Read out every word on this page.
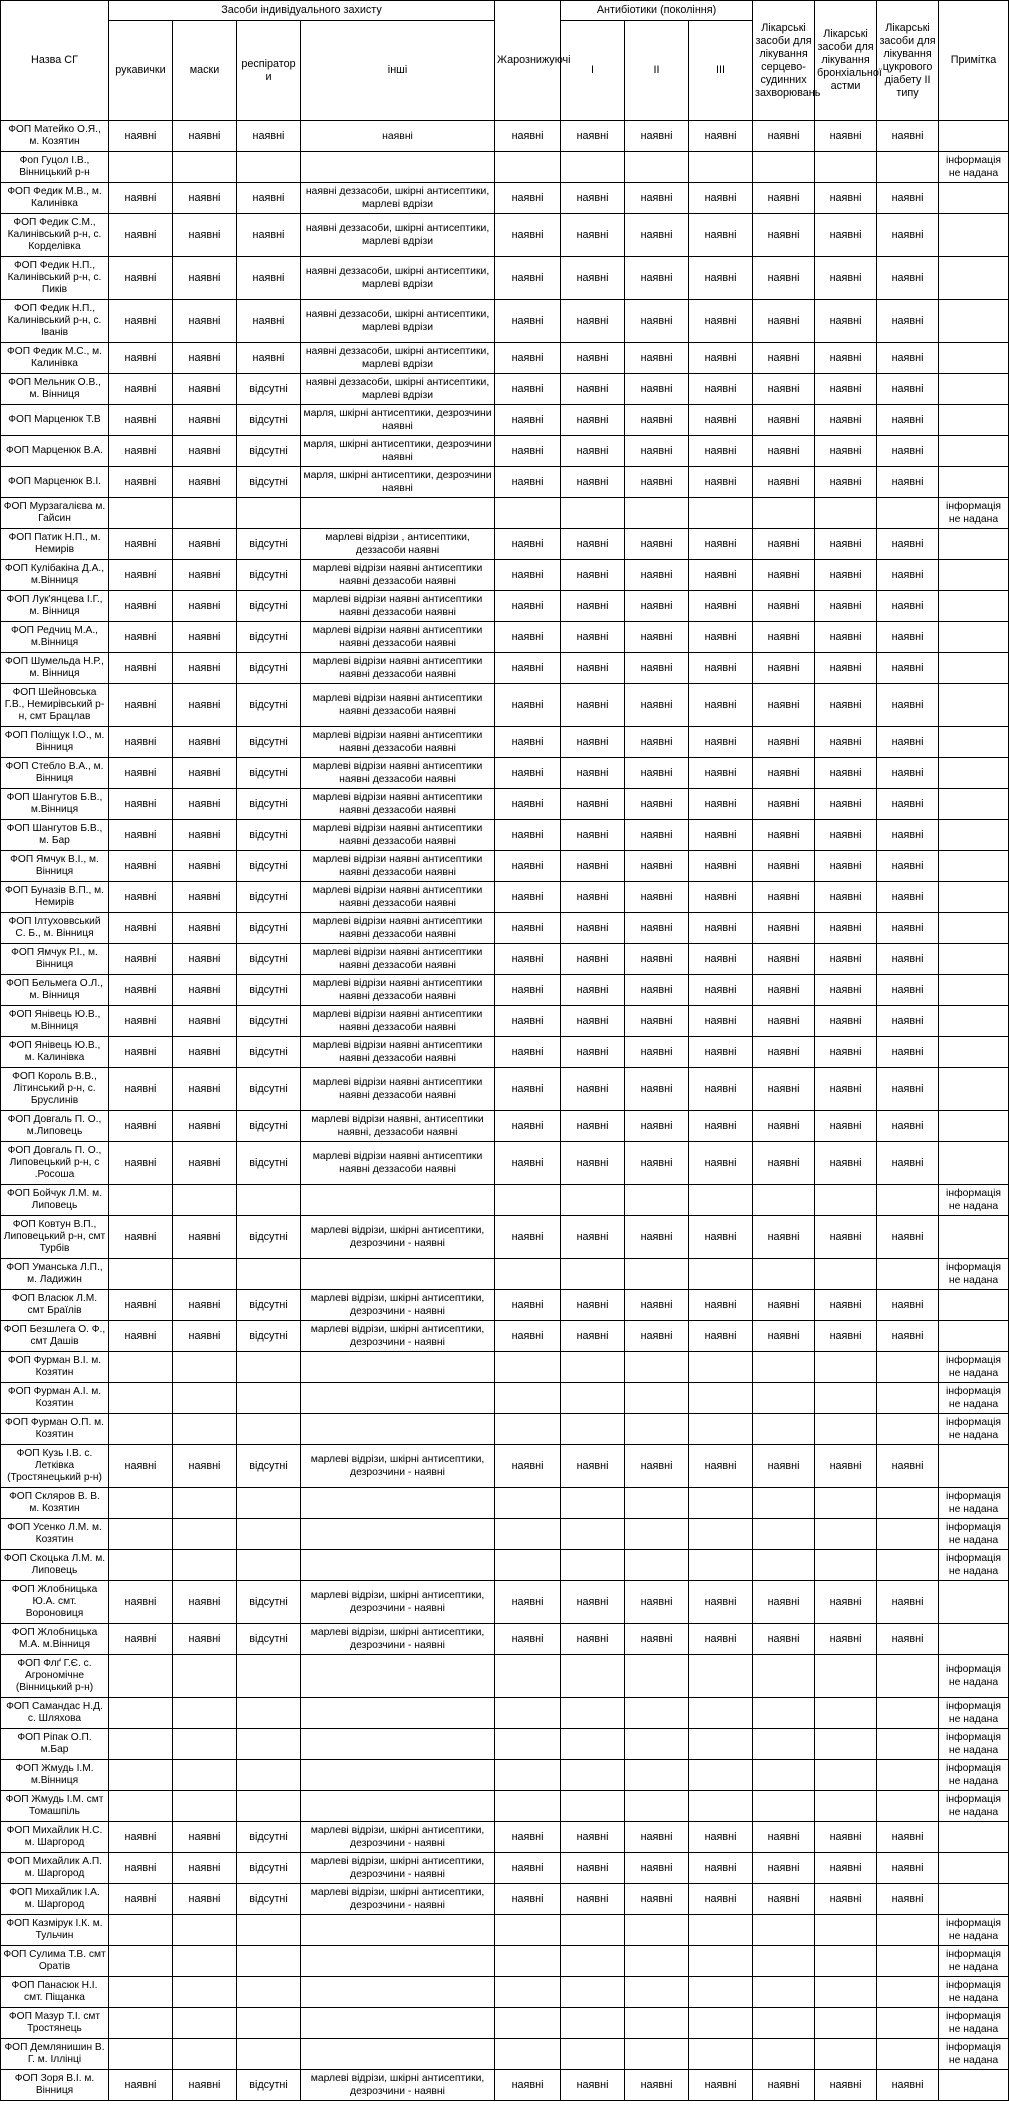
Назва СГ	Засоби індивідуального захисту				Жарознижуючі	Антибіотики (покоління)			Лікарські засоби для лікування серцево-судинних захворювань	Лікарські засоби для лікування бронхіальної астми	Лікарські засоби для лікування цукрового діабету ІІ типу	Примітка
	рукавички	маски	респіратор и	інші		І	ІІ	ІІІ				
ФОП Матейко О.Я., м. Козятин	наявні	наявні	наявні	наявні	наявні	наявні	наявні	наявні	наявні	наявні	наявні	
Фоп Гуцол І.В., Вінницький р-н												інформація не надана
ФОП Федик М.В., м. Калинівка	наявні	наявні	наявні	наявні деззасоби, шкірні антисептики, марлеві вдрізи	наявні	наявні	наявні	наявні	наявні	наявні	наявні	
ФОП Федик С.М., Калинівський р-н, с. Корделівка	наявні	наявні	наявні	наявні деззасоби, шкірні антисептики, марлеві вдрізи	наявні	наявні	наявні	наявні	наявні	наявні	наявні	
ФОП Федик Н.П., Калинівський р-н, с. Пиків	наявні	наявні	наявні	наявні деззасоби, шкірні антисептики, марлеві вдрізи	наявні	наявні	наявні	наявні	наявні	наявні	наявні	
ФОП Федик Н.П., Калинівський р-н, с. Іванів	наявні	наявні	наявні	наявні деззасоби, шкірні антисептики, марлеві вдрізи	наявні	наявні	наявні	наявні	наявні	наявні	наявні	
ФОП Федик М.С., м. Калинівка	наявні	наявні	наявні	наявні деззасоби, шкірні антисептики, марлеві вдрізи	наявні	наявні	наявні	наявні	наявні	наявні	наявні	
ФОП Мельник О.В., м. Вінниця	наявні	наявні	відсутні	наявні деззасоби, шкірні антисептики, марлеві вдрізи	наявні	наявні	наявні	наявні	наявні	наявні	наявні	
ФОП Марценюк Т.В	наявні	наявні	відсутні	марля, шкірні антисептики, дезрозчини наявні	наявні	наявні	наявні	наявні	наявні	наявні	наявні	
ФОП Марценюк В.А.	наявні	наявні	відсутні	марля, шкірні антисептики, дезрозчини наявні	наявні	наявні	наявні	наявні	наявні	наявні	наявні	
ФОП Марценюк В.І.	наявні	наявні	відсутні	марля, шкірні антисептики, дезрозчини наявні	наявні	наявні	наявні	наявні	наявні	наявні	наявні	
ФОП Мурзагалієва м. Гайсин												інформація не надана
ФОП Патик Н.П., м. Немирів	наявні	наявні	відсутні	марлеві відрізи , антисептики, деззасоби наявні	наявні	наявні	наявні	наявні	наявні	наявні	наявні	
ФОП Кулібакіна Д.А., м.Вінниця	наявні	наявні	відсутні	марлеві відрізи наявні антисептики наявні деззасоби наявні	наявні	наявні	наявні	наявні	наявні	наявні	наявні	
ФОП Лук'янцева І.Г., м. Вінниця	наявні	наявні	відсутні	марлеві відрізи наявні антисептики наявні деззасоби наявні	наявні	наявні	наявні	наявні	наявні	наявні	наявні	
ФОП Редчиц М.А., м.Вінниця	наявні	наявні	відсутні	марлеві відрізи наявні антисептики наявні деззасоби наявні	наявні	наявні	наявні	наявні	наявні	наявні	наявні	
ФОП Шумельда Н.Р., м. Вінниця	наявні	наявні	відсутні	марлеві відрізи наявні антисептики наявні деззасоби наявні	наявні	наявні	наявні	наявні	наявні	наявні	наявні	
ФОП Шейновська Г.В., Немирівський р-н, смт Брацлав	наявні	наявні	відсутні	марлеві відрізи наявні антисептики наявні деззасоби наявні	наявні	наявні	наявні	наявні	наявні	наявні	наявні	
ФОП Поліщук І.О., м. Вінниця	наявні	наявні	відсутні	марлеві відрізи наявні антисептики наявні деззасоби наявні	наявні	наявні	наявні	наявні	наявні	наявні	наявні	
ФОП Стебло В.А., м. Вінниця	наявні	наявні	відсутні	марлеві відрізи наявні антисептики наявні деззасоби наявні	наявні	наявні	наявні	наявні	наявні	наявні	наявні	
ФОП Шангутов Б.В., м.Вінниця	наявні	наявні	відсутні	марлеві відрізи наявні антисептики наявні деззасоби наявні	наявні	наявні	наявні	наявні	наявні	наявні	наявні	
ФОП Шангутов Б.В., м. Бар	наявні	наявні	відсутні	марлеві відрізи наявні антисептики наявні деззасоби наявні	наявні	наявні	наявні	наявні	наявні	наявні	наявні	
ФОП Ямчук В.І., м. Вінниця	наявні	наявні	відсутні	марлеві відрізи наявні антисептики наявні деззасоби наявні	наявні	наявні	наявні	наявні	наявні	наявні	наявні	
ФОП Буназів В.П., м. Немирів	наявні	наявні	відсутні	марлеві відрізи наявні антисептики наявні деззасоби наявні	наявні	наявні	наявні	наявні	наявні	наявні	наявні	
ФОП Ілтуховвський С. Б., м. Вінниця	наявні	наявні	відсутні	марлеві відрізи наявні антисептики наявні деззасоби наявні	наявні	наявні	наявні	наявні	наявні	наявні	наявні	
ФОП Ямчук Р.І., м. Вінниця	наявні	наявні	відсутні	марлеві відрізи наявні антисептики наявні деззасоби наявні	наявні	наявні	наявні	наявні	наявні	наявні	наявні	
ФОП Бельмега О.Л., м. Вінниця	наявні	наявні	відсутні	марлеві відрізи наявні антисептики наявні деззасоби наявні	наявні	наявні	наявні	наявні	наявні	наявні	наявні	
ФОП Янівець Ю.В., м.Вінниця	наявні	наявні	відсутні	марлеві відрізи наявні антисептики наявні деззасоби наявні	наявні	наявні	наявні	наявні	наявні	наявні	наявні	
ФОП Янівець Ю.В., м. Калинівка	наявні	наявні	відсутні	марлеві відрізи наявні антисептики наявні деззасоби наявні	наявні	наявні	наявні	наявні	наявні	наявні	наявні	
ФОП Король В.В., Літинський р-н, с. Бруслинів	наявні	наявні	відсутні	марлеві відрізи наявні антисептики наявні деззасоби наявні	наявні	наявні	наявні	наявні	наявні	наявні	наявні	
ФОП Довгаль П. О., м.Липовець	наявні	наявні	відсутні	марлеві відрізи наявні, антисептики наявні, деззасоби наявні	наявні	наявні	наявні	наявні	наявні	наявні	наявні	
ФОП Довгаль П. О., Липовецький р-н, с .Росоша	наявні	наявні	відсутні	марлеві відрізи наявні антисептики наявні деззасоби наявні	наявні	наявні	наявні	наявні	наявні	наявні	наявні	
ФОП Бойчук Л.М. м. Липовець												інформація не надана
ФОП Ковтун В.П., Липовецький р-н, смт Турбів	наявні	наявні	відсутні	марлеві відрізи, шкірні антисептики, дезрозчини - наявні	наявні	наявні	наявні	наявні	наявні	наявні	наявні	
ФОП Уманська Л.П., м. Ладижин												інформація не надана
ФОП Власюк Л.М. смт Браїлів	наявні	наявні	відсутні	марлеві відрізи, шкірні антисептики, дезрозчини - наявні	наявні	наявні	наявні	наявні	наявні	наявні	наявні	
ФОП Безшлега О. Ф., смт Дашів	наявні	наявні	відсутні	марлеві відрізи, шкірні антисептики, дезрозчини - наявні	наявні	наявні	наявні	наявні	наявні	наявні	наявні	
ФОП Фурман В.І. м. Козятин												інформація не надана
ФОП Фурман А.І. м. Козятин												інформація не надана
ФОП Фурман О.П. м. Козятин												інформація не надана
ФОП Кузь І.В. с. Летківка (Тростянецький р-н)	наявні	наявні	відсутні	марлеві відрізи, шкірні антисептики, дезрозчини - наявні	наявні	наявні	наявні	наявні	наявні	наявні	наявні	
ФОП Скляров В. В. м. Козятин												інформація не надана
ФОП Усенко Л.М. м. Козятин												інформація не надана
ФОП Скоцька Л.М. м. Липовець												інформація не надана
ФОП Жлобницька Ю.А. смт. Вороновиця	наявні	наявні	відсутні	марлеві відрізи, шкірні антисептики, дезрозчини - наявні	наявні	наявні	наявні	наявні	наявні	наявні	наявні	
ФОП Жлобницька М.А. м.Вінниця	наявні	наявні	відсутні	марлеві відрізи, шкірні антисептики, дезрозчини - наявні	наявні	наявні	наявні	наявні	наявні	наявні	наявні	
ФОП Флґ Г.Є. с. Агрономічне (Вінницький р-н)												інформація не надана
ФОП Самандас Н.Д. с. Шляхова												інформація не надана
ФОП Ріпак О.П. м.Бар												інформація не надана
ФОП Жмудь І.М. м.Вінниця												інформація не надана
ФОП Жмудь І.М. смт Томашпіль												інформація не надана
ФОП Михайлик Н.С. м. Шаргород	наявні	наявні	відсутні	марлеві відрізи, шкірні антисептики, дезрозчини - наявні	наявні	наявні	наявні	наявні	наявні	наявні	наявні	
ФОП Михайлик А.П. м. Шаргород	наявні	наявні	відсутні	марлеві відрізи, шкірні антисептики, дезрозчини - наявні	наявні	наявні	наявні	наявні	наявні	наявні	наявні	
ФОП Михайлик І.А. м. Шаргород	наявні	наявні	відсутні	марлеві відрізи, шкірні антисептики, дезрозчини - наявні	наявні	наявні	наявні	наявні	наявні	наявні	наявні	
ФОП Казмірук І.К. м. Тульчин												інформація не надана
ФОП Сулима Т.В. смт Оратів												інформація не надана
ФОП Панасюк Н.І. смт. Піщанка												інформація не надана
ФОП Мазур Т.І. смт Тростянець												інформація не надана
ФОП Демлянишин В. Г. м. Іллінці												інформація не надана
ФОП Зоря В.І. м. Вінниця	наявні	наявні	відсутні	марлеві відрізи, шкірні антисептики, дезрозчини - наявні	наявні	наявні	наявні	наявні	наявні	наявні	наявні	
